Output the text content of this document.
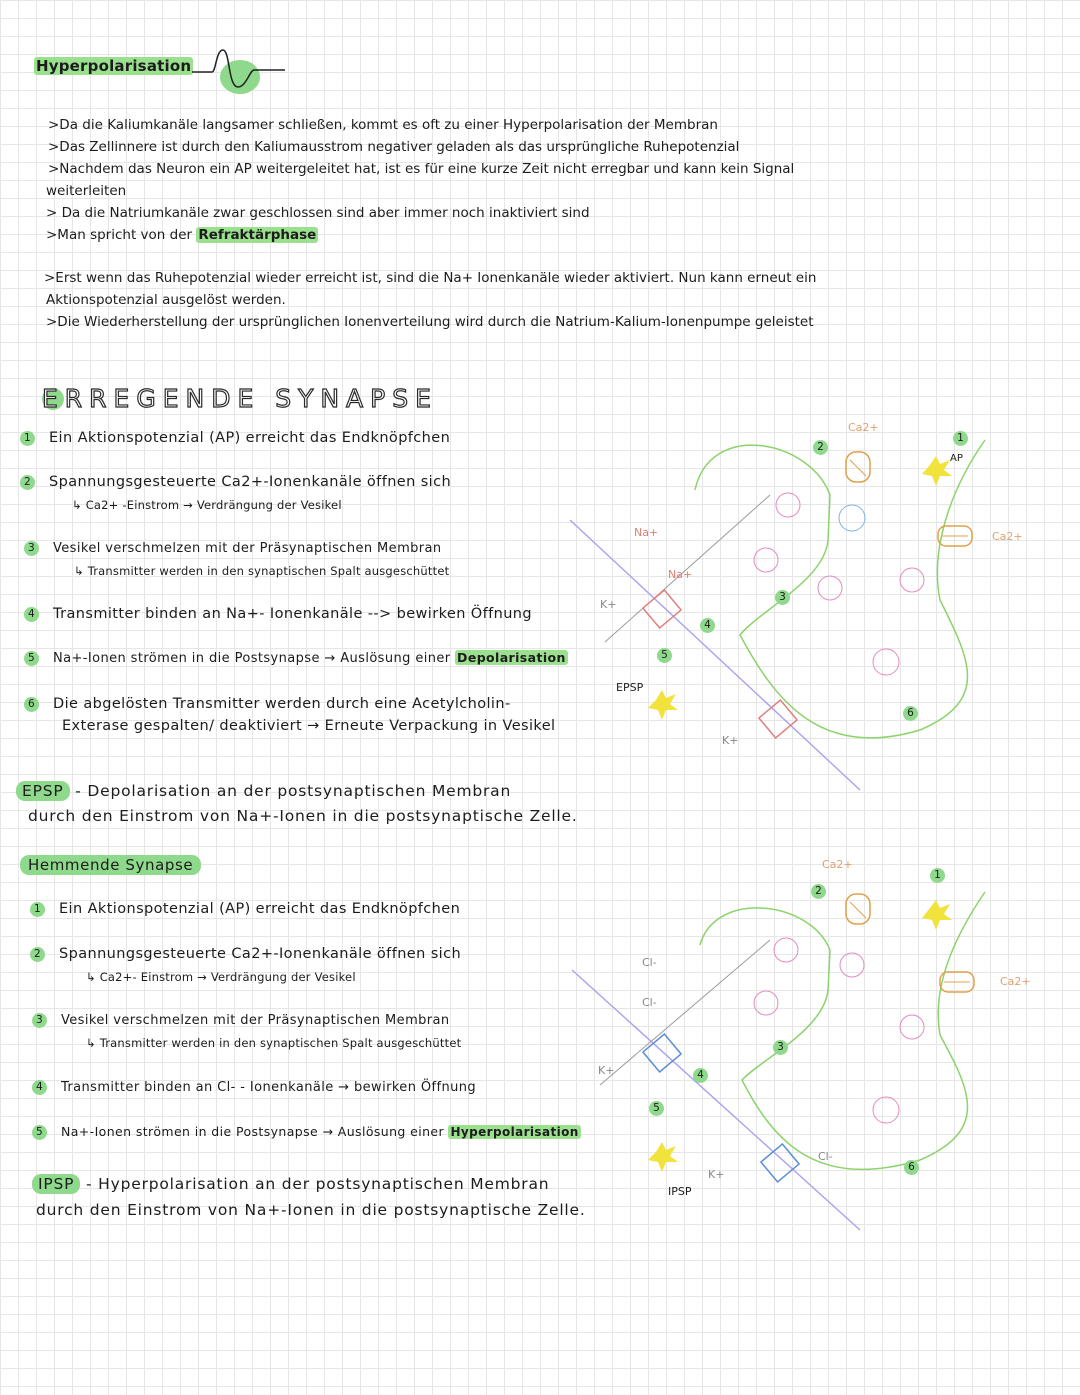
Hyperpolarisation
>Da die Kaliumkanäle langsamer schließen, kommt es oft zu einer Hyperpolarisation der Membran
>Das Zellinnere ist durch den Kaliumausstrom negativer geladen als das ursprüngliche Ruhepotenzial
>Nachdem das Neuron ein AP weitergeleitet hat, ist es für eine kurze Zeit nicht erregbar und kann kein Signal
weiterleiten
> Da die Natriumkanäle zwar geschlossen sind aber immer noch inaktiviert sind
>Man spricht von der Refraktärphase
>Erst wenn das Ruhepotenzial wieder erreicht ist, sind die Na+ Ionenkanäle wieder aktiviert. Nun kann erneut ein
Aktionspotenzial ausgelöst werden.
>Die Wiederherstellung der ursprünglichen Ionenverteilung wird durch die Natrium-Kalium-Ionenpumpe geleistet
ERREGENDE SYNAPSE
1 Ein Aktionspotenzial (AP) erreicht das Endknöpfchen
2 Spannungsgesteuerte Ca2+-Ionenkanäle öffnen sich
↳ Ca2+ -Einstrom → Verdrängung der Vesikel
3 Vesikel verschmelzen mit der Präsynaptischen Membran
↳ Transmitter werden in den synaptischen Spalt ausgeschüttet
4 Transmitter binden an Na+- Ionenkanäle --> bewirken Öffnung
5 Na+-Ionen strömen in die Postsynapse → Auslösung einer Depolarisation
6 Die abgelösten Transmitter werden durch eine Acetylcholin-
Exterase gespalten/ deaktiviert → Erneute Verpackung in Vesikel
EPSP - Depolarisation an der postsynaptischen Membran
durch den Einstrom von Na+-Ionen in die postsynaptische Zelle.
EPSP
AP
Na+
Na+
Ca2+
Ca2+
K+
K+
1
2
3
4
5
6
Hemmende Synapse
1 Ein Aktionspotenzial (AP) erreicht das Endknöpfchen
2 Spannungsgesteuerte Ca2+-Ionenkanäle öffnen sich
↳ Ca2+- Einstrom → Verdrängung der Vesikel
3 Vesikel verschmelzen mit der Präsynaptischen Membran
↳ Transmitter werden in den synaptischen Spalt ausgeschüttet
4 Transmitter binden an Cl- - Ionenkanäle → bewirken Öffnung
5 Na+-Ionen strömen in die Postsynapse → Auslösung einer Hyperpolarisation
IPSP - Hyperpolarisation an der postsynaptischen Membran
durch den Einstrom von Na+-Ionen in die postsynaptische Zelle.
IPSP
Cl-
Cl-
Cl-
Ca2+
Ca2+
K+
K+
1
2
3
4
5
6
